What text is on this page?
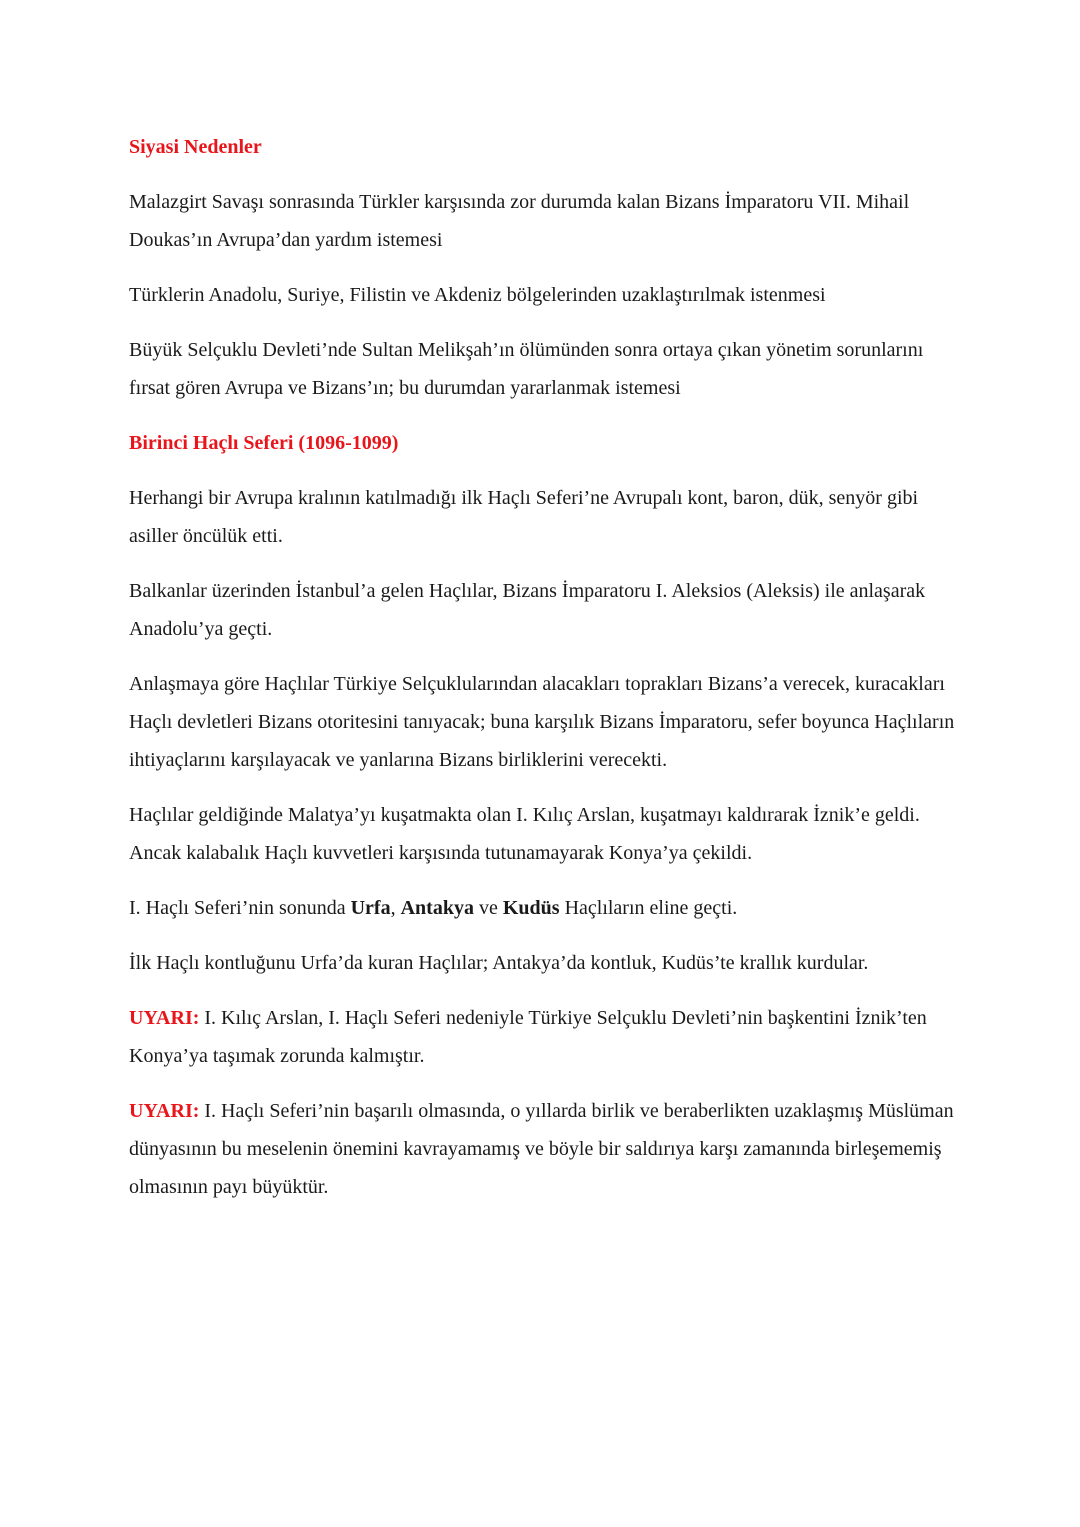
Siyasi Nedenler

Malazgirt Savaşı sonrasında Türkler karşısında zor durumda kalan Bizans İmparatoru VII. Mihail Doukas’ın Avrupa’dan yardım istemesi

Türklerin Anadolu, Suriye, Filistin ve Akdeniz bölgelerinden uzaklaştırılmak istenmesi

Büyük Selçuklu Devleti’nde Sultan Melikşah’ın ölümünden sonra ortaya çıkan yönetim sorunlarını fırsat gören Avrupa ve Bizans’ın; bu durumdan yararlanmak istemesi

Birinci Haçlı Seferi (1096-1099)

Herhangi bir Avrupa kralının katılmadığı ilk Haçlı Seferi’ne Avrupalı kont, baron, dük, senyör gibi asiller öncülük etti.

Balkanlar üzerinden İstanbul’a gelen Haçlılar, Bizans İmparatoru I. Aleksios (Aleksis) ile anlaşarak Anadolu’ya geçti.

Anlaşmaya göre Haçlılar Türkiye Selçuklularından alacakları toprakları Bizans’a verecek, kuracakları Haçlı devletleri Bizans otoritesini tanıyacak; buna karşılık Bizans İmparatoru, sefer boyunca Haçlıların ihtiyaçlarını karşılayacak ve yanlarına Bizans birliklerini verecekti.

Haçlılar geldiğinde Malatya’yı kuşatmakta olan I. Kılıç Arslan, kuşatmayı kaldırarak İznik’e geldi. Ancak kalabalık Haçlı kuvvetleri karşısında tutunamayarak Konya’ya çekildi.

I. Haçlı Seferi’nin sonunda Urfa, Antakya ve Kudüs Haçlıların eline geçti.

İlk Haçlı kontluğunu Urfa’da kuran Haçlılar; Antakya’da kontluk, Kudüs’te krallık kurdular.

UYARI: I. Kılıç Arslan, I. Haçlı Seferi nedeniyle Türkiye Selçuklu Devleti’nin başkentini İznik’ten Konya’ya taşımak zorunda kalmıştır.

UYARI: I. Haçlı Seferi’nin başarılı olmasında, o yıllarda birlik ve beraberlikten uzaklaşmış Müslüman dünyasının bu meselenin önemini kavrayamamış ve böyle bir saldırıya karşı zamanında birleşememiş olmasının payı büyüktür.
